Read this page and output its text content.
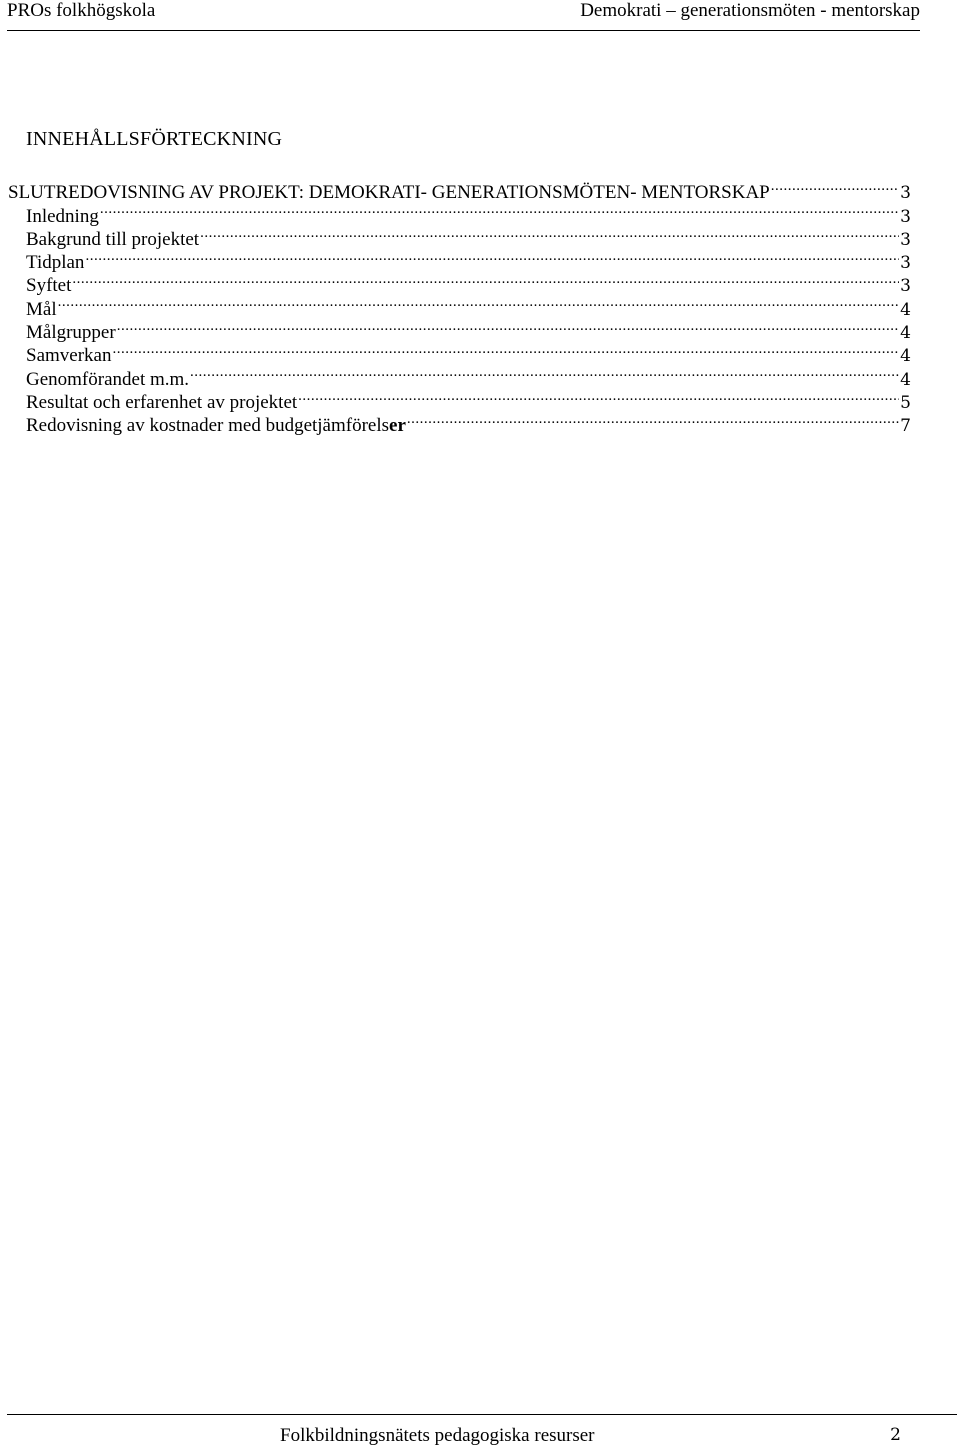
PROs folkhögskola	Demokrati – generationsmöten - mentorskap
INNEHÅLLSFÖRTECKNING
SLUTREDOVISNING AV PROJEKT: DEMOKRATI- GENERATIONSMÖTEN- MENTORSKAP .....	3
Inledning .....	3
Bakgrund till projektet .....	3
Tidplan .....	3
Syftet .....	3
Mål .....	4
Målgrupper .....	4
Samverkan .....	4
Genomförandet m.m. .....	4
Resultat och erfarenhet av projektet .....	5
Redovisning av kostnader med budgetjämförelser .....	7
Folkbildningsnätets pedagogiska resurser	2
